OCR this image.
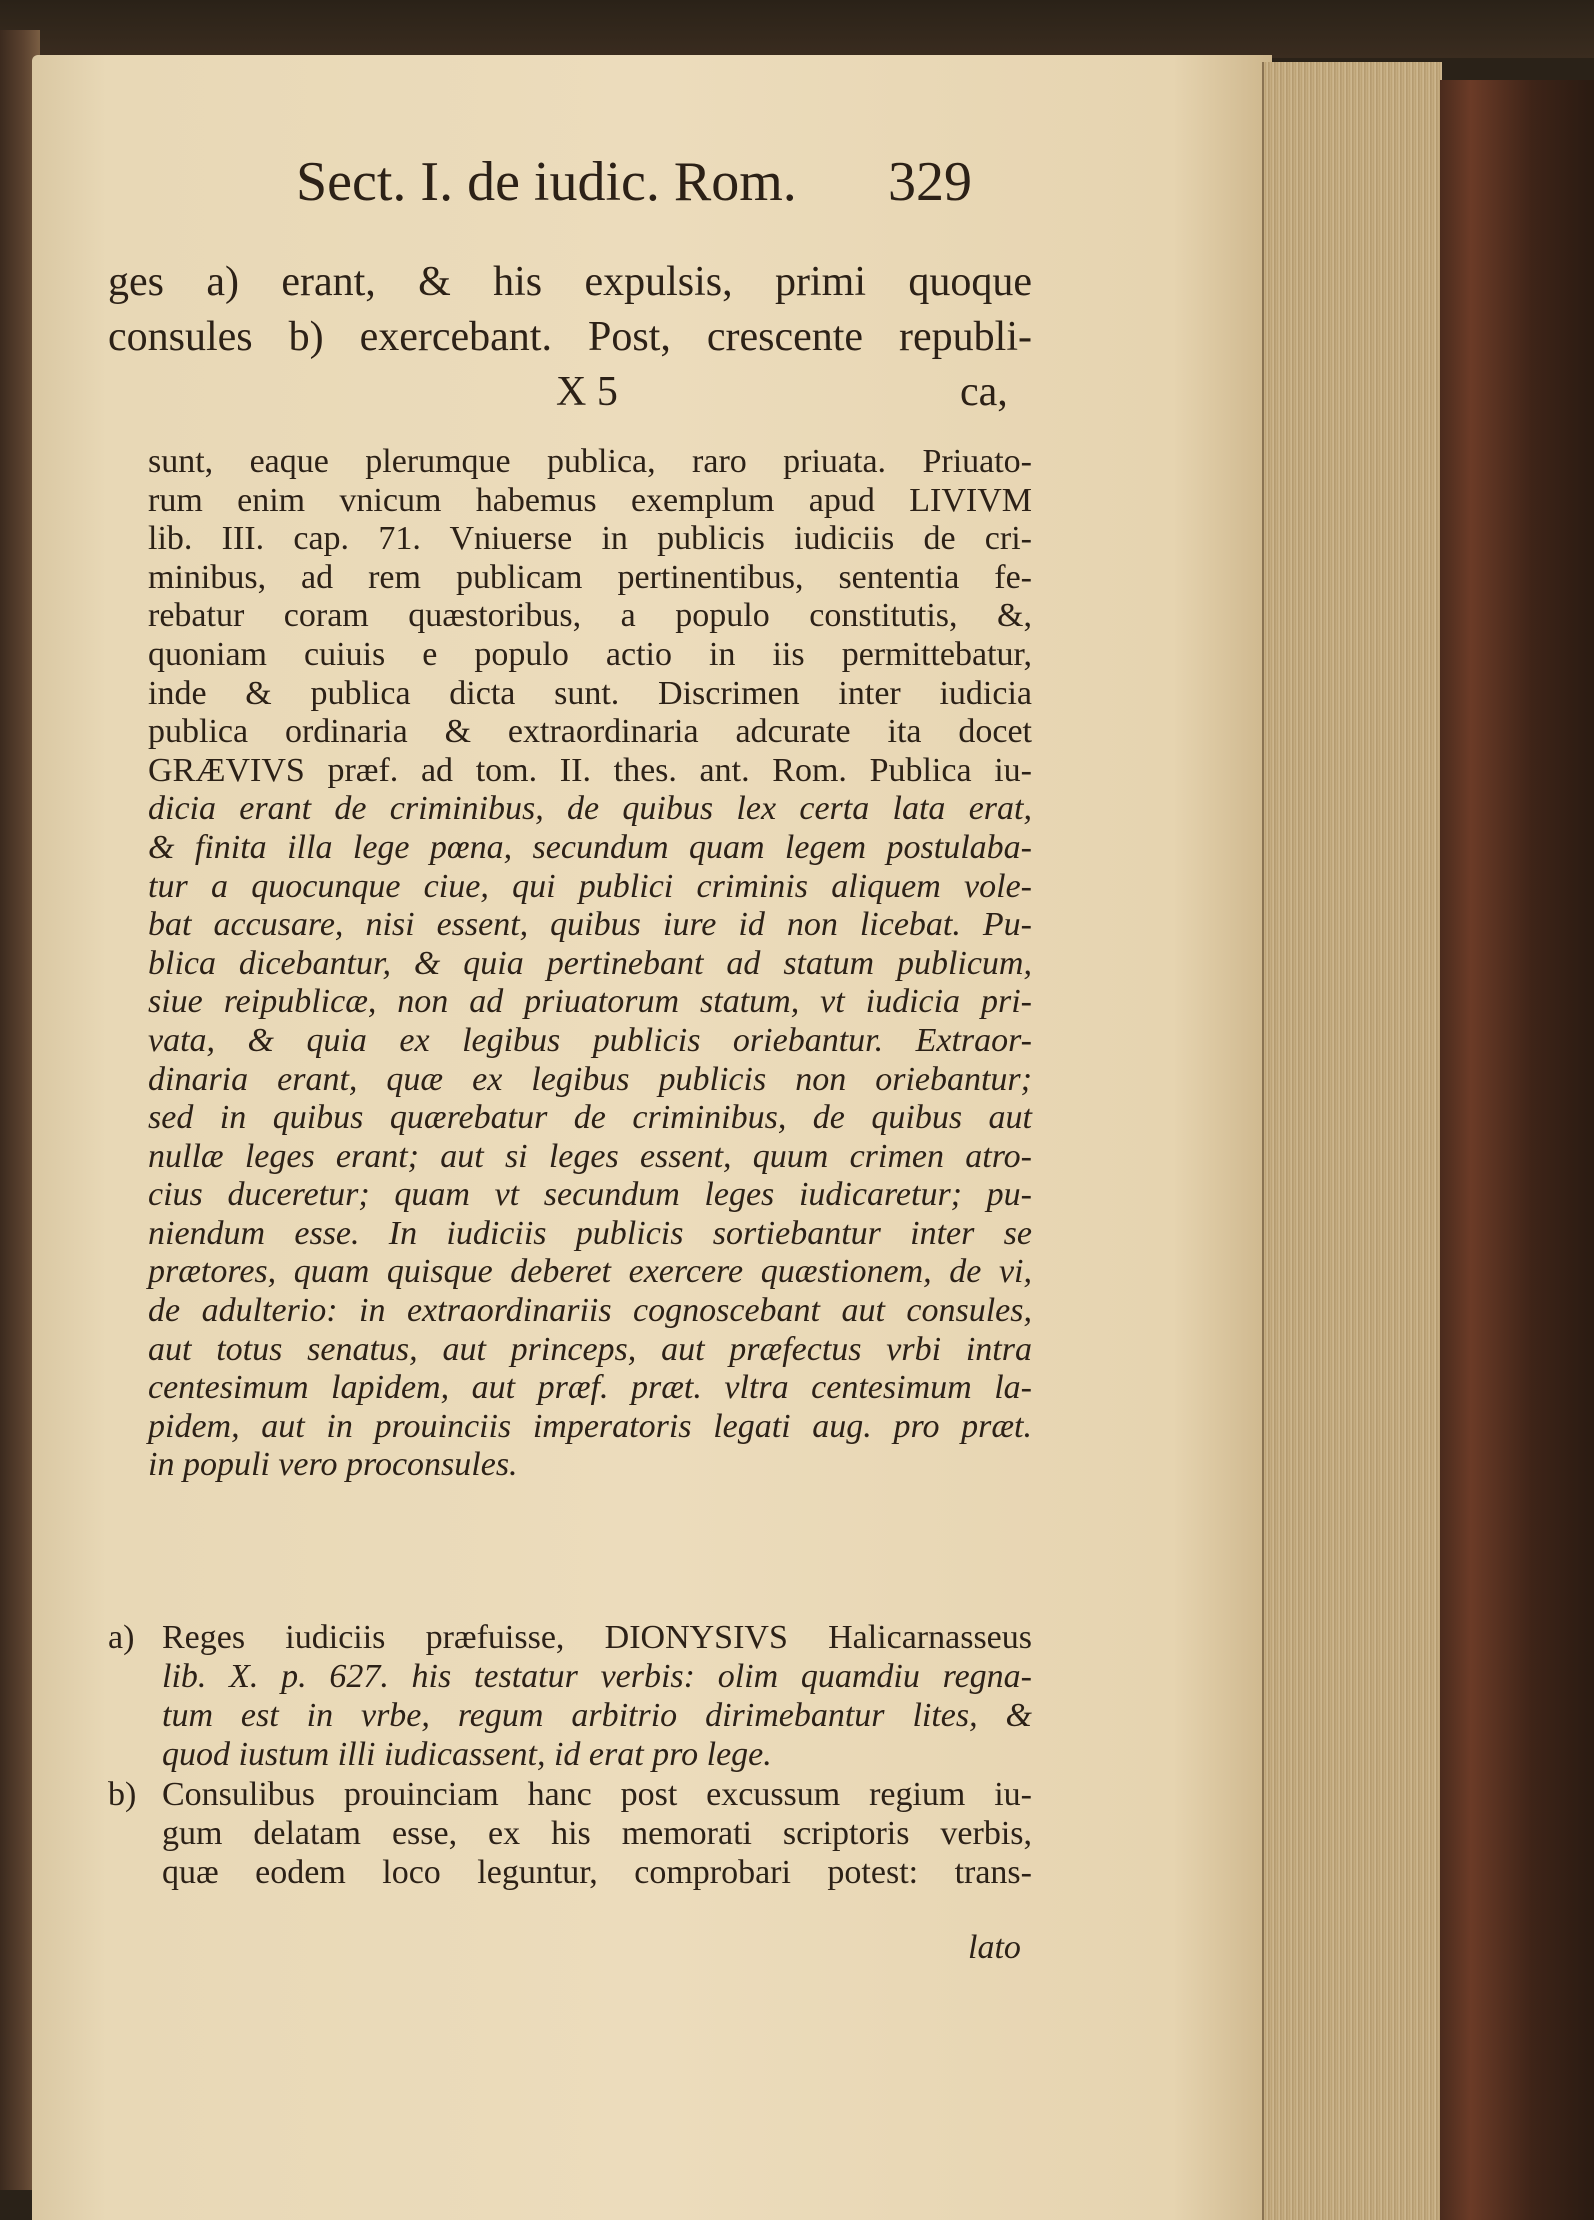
Sect. I. de iudic. Rom. 329
ges a) erant, & his expulsis, primi quoque
consules b) exercebant. Post, crescente republi-
X 5	ca,
sunt, eaque plerumque publica, raro priuata. Priuato-
rum enim vnicum habemus exemplum apud LIVIVM
lib. III. cap. 71. Vniuerse in publicis iudiciis de cri-
minibus, ad rem publicam pertinentibus, sententia fe-
rebatur coram quæstoribus, a populo constitutis, &,
quoniam cuiuis e populo actio in iis permittebatur,
inde & publica dicta sunt. Discrimen inter iudicia
publica ordinaria & extraordinaria adcurate ita docet
GRÆVIVS præf. ad tom. II. thes. ant. Rom. Publica iu-
dicia erant de criminibus, de quibus lex certa lata erat,
& finita illa lege pœna, secundum quam legem postulaba-
tur a quocunque ciue, qui publici criminis aliquem vole-
bat accusare, nisi essent, quibus iure id non licebat. Pu-
blica dicebantur, & quia pertinebant ad statum publicum,
siue reipublicæ, non ad priuatorum statum, vt iudicia pri-
vata, & quia ex legibus publicis oriebantur. Extraor-
dinaria erant, quæ ex legibus publicis non oriebantur;
sed in quibus quærebatur de criminibus, de quibus aut
nullæ leges erant; aut si leges essent, quum crimen atro-
cius duceretur; quam vt secundum leges iudicaretur; pu-
niendum esse. In iudiciis publicis sortiebantur inter se
prætores, quam quisque deberet exercere quæstionem, de vi,
de adulterio: in extraordinariis cognoscebant aut consules,
aut totus senatus, aut princeps, aut præfectus vrbi intra
centesimum lapidem, aut præf. præt. vltra centesimum la-
pidem, aut in prouinciis imperatoris legati aug. pro præt.
in populi vero proconsules.
a) Reges iudiciis præfuisse, DIONYSIVS Halicarnasseus
lib. X. p. 627. his testatur verbis: olim quamdiu regna-
tum est in vrbe, regum arbitrio dirimebantur lites, &
quod iustum illi iudicassent, id erat pro lege.
b) Consulibus prouinciam hanc post excussum regium iu-
gum delatam esse, ex his memorati scriptoris verbis,
quæ eodem loco leguntur, comprobari potest: trans-
lato
